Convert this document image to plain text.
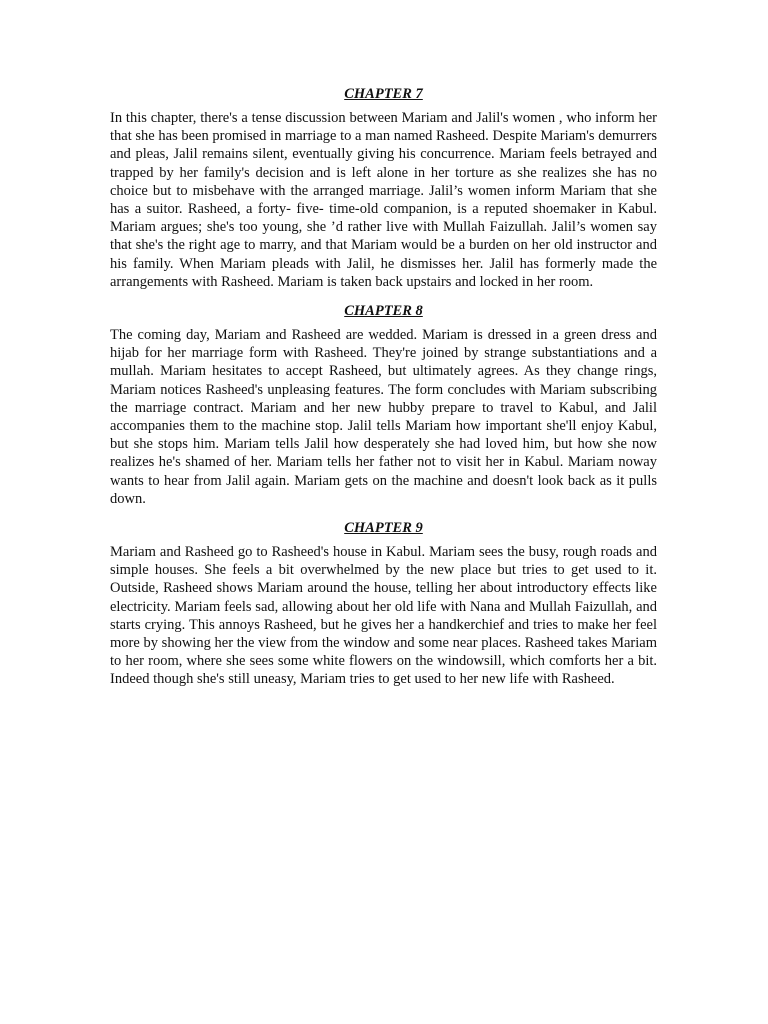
CHAPTER 7

In this chapter, there's a tense discussion between Mariam and Jalil's women , who inform her that she has been promised in marriage to a man named Rasheed. Despite Mariam's demurrers and pleas, Jalil remains silent, eventually giving his concurrence. Mariam feels betrayed and trapped by her family's decision and is left alone in her torture as she realizes she has no choice but to misbehave with the arranged marriage. Jalil’s women inform Mariam that she has a suitor. Rasheed, a forty- five- time-old companion, is a reputed shoemaker in Kabul. Mariam argues; she's too young, she ’d rather live with Mullah Faizullah. Jalil’s women say that she's the right age to marry, and that Mariam would be a burden on her old instructor and his family. When Mariam pleads with Jalil, he dismisses her. Jalil has formerly made the arrangements with Rasheed. Mariam is taken back upstairs and locked in her room.

CHAPTER 8

The coming day, Mariam and Rasheed are wedded. Mariam is dressed in a green dress and hijab for her marriage form with Rasheed. They're joined by strange substantiations and a mullah. Mariam hesitates to accept Rasheed, but ultimately agrees. As they change rings, Mariam notices Rasheed's unpleasing features. The form concludes with Mariam subscribing the marriage contract. Mariam and her new hubby prepare to travel to Kabul, and Jalil accompanies them to the machine stop. Jalil tells Mariam how important she'll enjoy Kabul, but she stops him. Mariam tells Jalil how desperately she had loved him, but how she now realizes he's shamed of her. Mariam tells her father not to visit her in Kabul. Mariam noway wants to hear from Jalil again. Mariam gets on the machine and doesn't look back as it pulls down.

CHAPTER 9

Mariam and Rasheed go to Rasheed's house in Kabul. Mariam sees the busy, rough roads and simple houses. She feels a bit overwhelmed by the new place but tries to get used to it. Outside, Rasheed shows Mariam around the house, telling her about introductory effects like electricity. Mariam feels sad, allowing about her old life with Nana and Mullah Faizullah, and starts crying. This annoys Rasheed, but he gives her a handkerchief and tries to make her feel more by showing her the view from the window and some near places. Rasheed takes Mariam to her room, where she sees some white flowers on the windowsill, which comforts her a bit. Indeed though she's still uneasy, Mariam tries to get used to her new life with Rasheed.
